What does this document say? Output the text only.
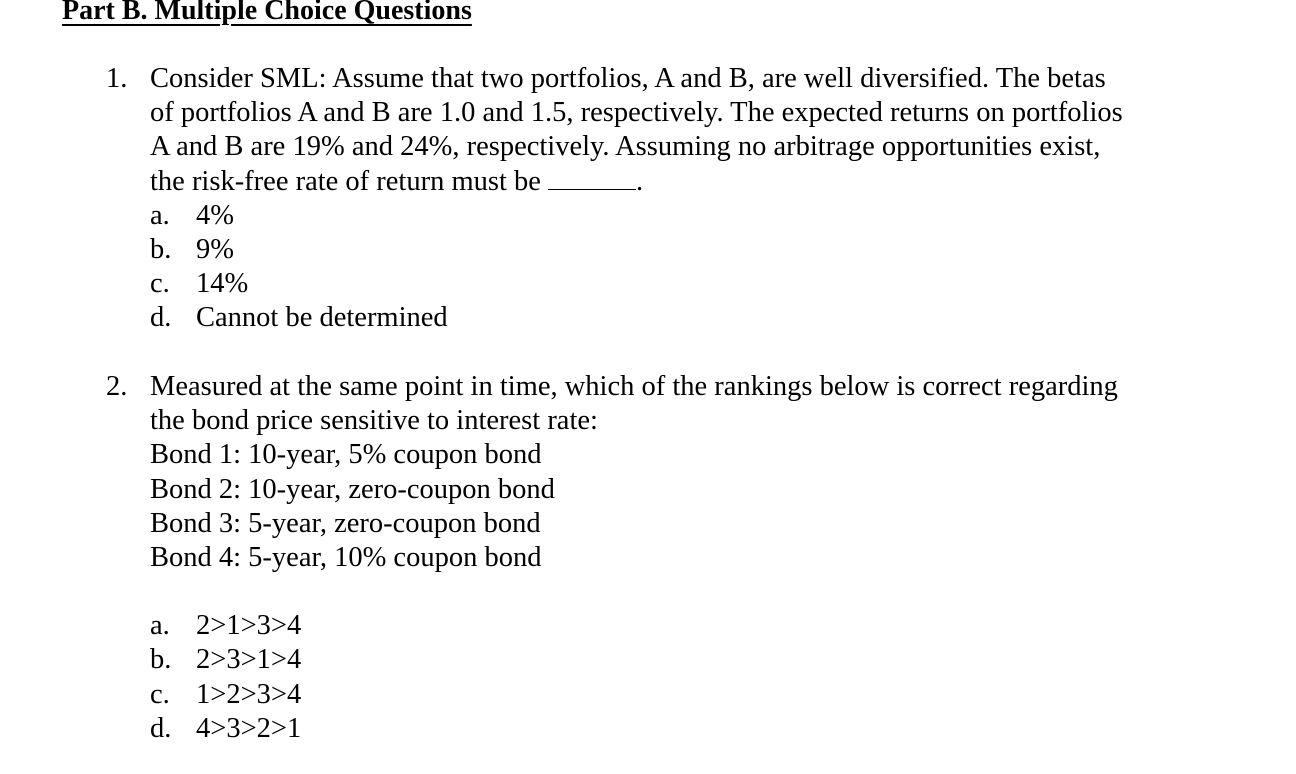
Part B. Multiple Choice Questions
1. Consider SML: Assume that two portfolios, A and B, are well diversified. The betas
of portfolios A and B are 1.0 and 1.5, respectively. The expected returns on portfolios
A and B are 19% and 24%, respectively. Assuming no arbitrage opportunities exist,
the risk-free rate of return must be	.
a. 4%
b. 9%
c. 14%
d. Cannot be determined
2. Measured at the same point in time, which of the rankings below is correct regarding
the bond price sensitive to interest rate:
Bond 1: 10-year, 5% coupon bond
Bond 2: 10-year, zero-coupon bond
Bond 3: 5-year, zero-coupon bond
Bond 4: 5-year, 10% coupon bond
a. 2>1>3>4
b. 2>3>1>4
c. 1>2>3>4
d. 4>3>2>1
